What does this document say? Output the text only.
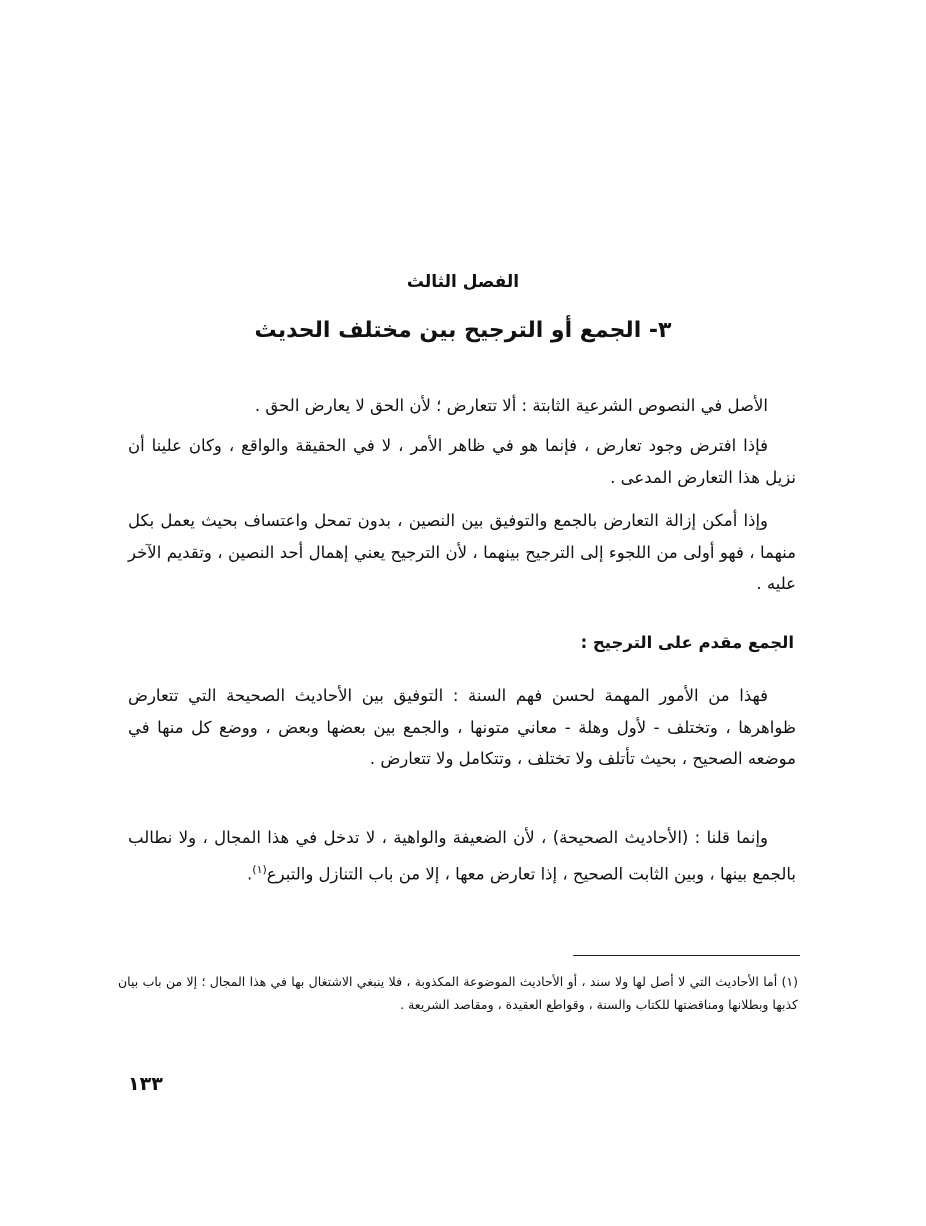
الفصل الثالث
٣- الجمع أو الترجيح بين مختلف الحديث

الأصل في النصوص الشرعية الثابتة : ألا تتعارض ؛ لأن الحق لا يعارض الحق .

فإذا افترض وجود تعارض ، فإنما هو في ظاهر الأمر ، لا في الحقيقة والواقع ، وكان علينا أن نزيل هذا التعارض المدعى .

وإذا أمكن إزالة التعارض بالجمع والتوفيق بين النصين ، بدون تمحل واعتساف بحيث يعمل بكل منهما ، فهو أولى من اللجوء إلى الترجيح بينهما ، لأن الترجيح يعني إهمال أحد النصين ، وتقديم الآخر عليه .

الجمع مقدم على الترجيح :

فهذا من الأمور المهمة لحسن فهم السنة : التوفيق بين الأحاديث الصحيحة التي تتعارض ظواهرها ، وتختلف - لأول وهلة - معاني متونها ، والجمع بين بعضها وبعض ، ووضع كل منها في موضعه الصحيح ، بحيث تأتلف ولا تختلف ، وتتكامل ولا تتعارض .

وإنما قلنا : (الأحاديث الصحيحة) ، لأن الضعيفة والواهية ، لا تدخل في هذا المجال ، ولا نطالب بالجمع بينها ، وبين الثابت الصحيح ، إذا تعارض معها ، إلا من باب التنازل والتبرع$^{(١)}$.

(١) أما الأحاديث التي لا أصل لها ولا سند ، أو الأحاديث الموضوعة المكذوبة ، فلا ينبغي الاشتغال بها في هذا المجال ؛ إلا من باب بيان كذبها وبطلانها ومناقضتها للكتاب والسنة ، وقواطع العقيدة ، ومقاصد الشريعة .

١٣٣
